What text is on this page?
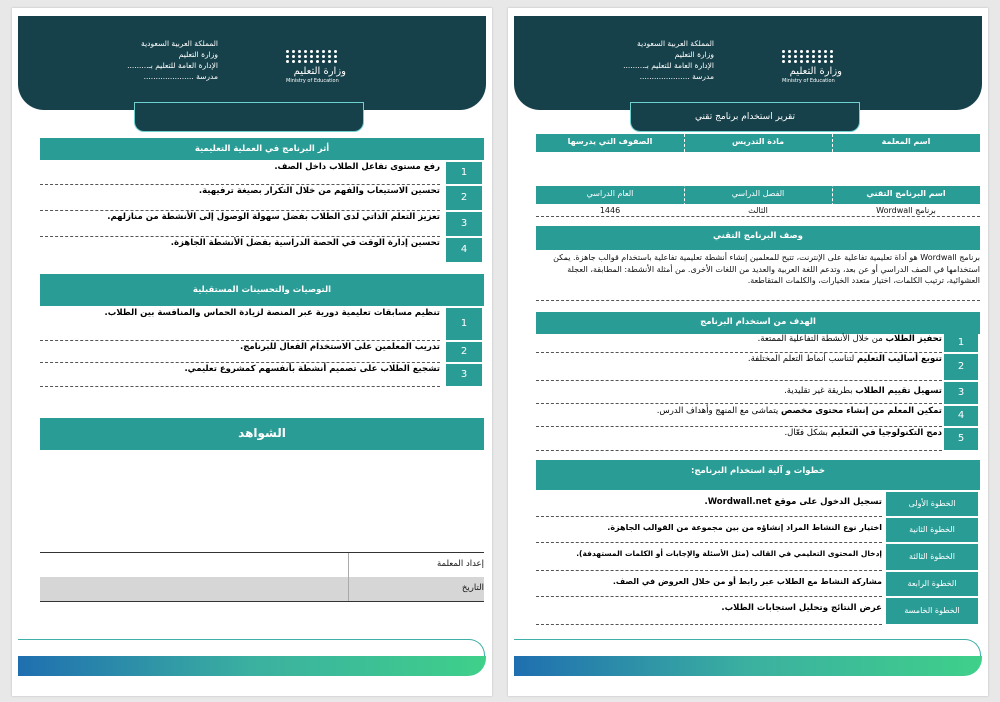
المملكة العربية السعودية
وزارة التعليم
الإدارة العامة للتعليم بـ.........
مدرسة .....................	وزارة التعليم
Ministry of Education
أثر البرنامج في العملية التعليمية
1
رفع مستوى تفاعل الطلاب داخل الصف.
2
تحسين الاستيعاب والفهم من خلال التكرار بصيغة ترفيهية.
3
تعزيز التعلم الذاتي لدى الطلاب بفضل سهولة الوصول إلى الأنشطة من منازلهم.
4
تحسين إدارة الوقت في الحصة الدراسية بفضل الأنشطة الجاهزة.
التوصيات والتحسينات المستقبلية
1
تنظيم مسابقات تعليمية دورية عبر المنصة لزيادة الحماس والمنافسة بين الطلاب.
2
تدريب المعلمين على الاستخدام الفعال للبرنامج.
3
تشجيع الطلاب على تصميم أنشطة بأنفسهم كمشروع تعليمي.
الشواهد
إعداد المعلمة
التاريخ
المملكة العربية السعودية
وزارة التعليم
الإدارة العامة للتعليم بـ.........
مدرسة .....................	وزارة التعليم
Ministry of Education
تقرير استخدام برنامج تقني
اسم المعلمة
مادة التدريس
الصفوف التي يدرسها
اسم البرنامج التقني
الفصل الدراسي
العام الدراسي
برنامج Wordwall
الثالث
1446
وصف البرنامج التقني
برنامج Wordwall هو أداة تعليمية تفاعلية على الإنترنت، تتيح للمعلمين إنشاء أنشطة تعليمية تفاعلية باستخدام قوالب جاهزة. يمكن استخدامها في الصف الدراسي أو عن بعد، وتدعم اللغة العربية والعديد من اللغات الأخرى. من أمثلة الأنشطة: المطابقة، العجلة العشوائية، ترتيب الكلمات، اختيار متعدد الخيارات، والكلمات المتقاطعة.
الهدف من استخدام البرنامج
1
تحفيز الطلاب من خلال الأنشطة التفاعلية الممتعة.
2
تنويع أساليب التعليم لتناسب أنماط التعلم المختلفة.
3
تسهيل تقييم الطلاب بطريقة غير تقليدية.
4
تمكين المعلم من إنشاء محتوى مخصص يتماشى مع المنهج وأهداف الدرس.
5
دمج التكنولوجيا في التعليم بشكل فعّال.
خطوات و آلية استخدام البرنامج:
الخطوة الأولى
تسجيل الدخول على موقع Wordwall.net.
الخطوة الثانية
اختيار نوع النشاط المراد إنشاؤه من بين مجموعة من القوالب الجاهزة.
الخطوة الثالثة
إدخال المحتوى التعليمي في القالب (مثل الأسئلة والإجابات أو الكلمات المستهدفة).
الخطوة الرابعة
مشاركة النشاط مع الطلاب عبر رابط أو من خلال العروض في الصف.
الخطوة الخامسة
عرض النتائج وتحليل استجابات الطلاب.
